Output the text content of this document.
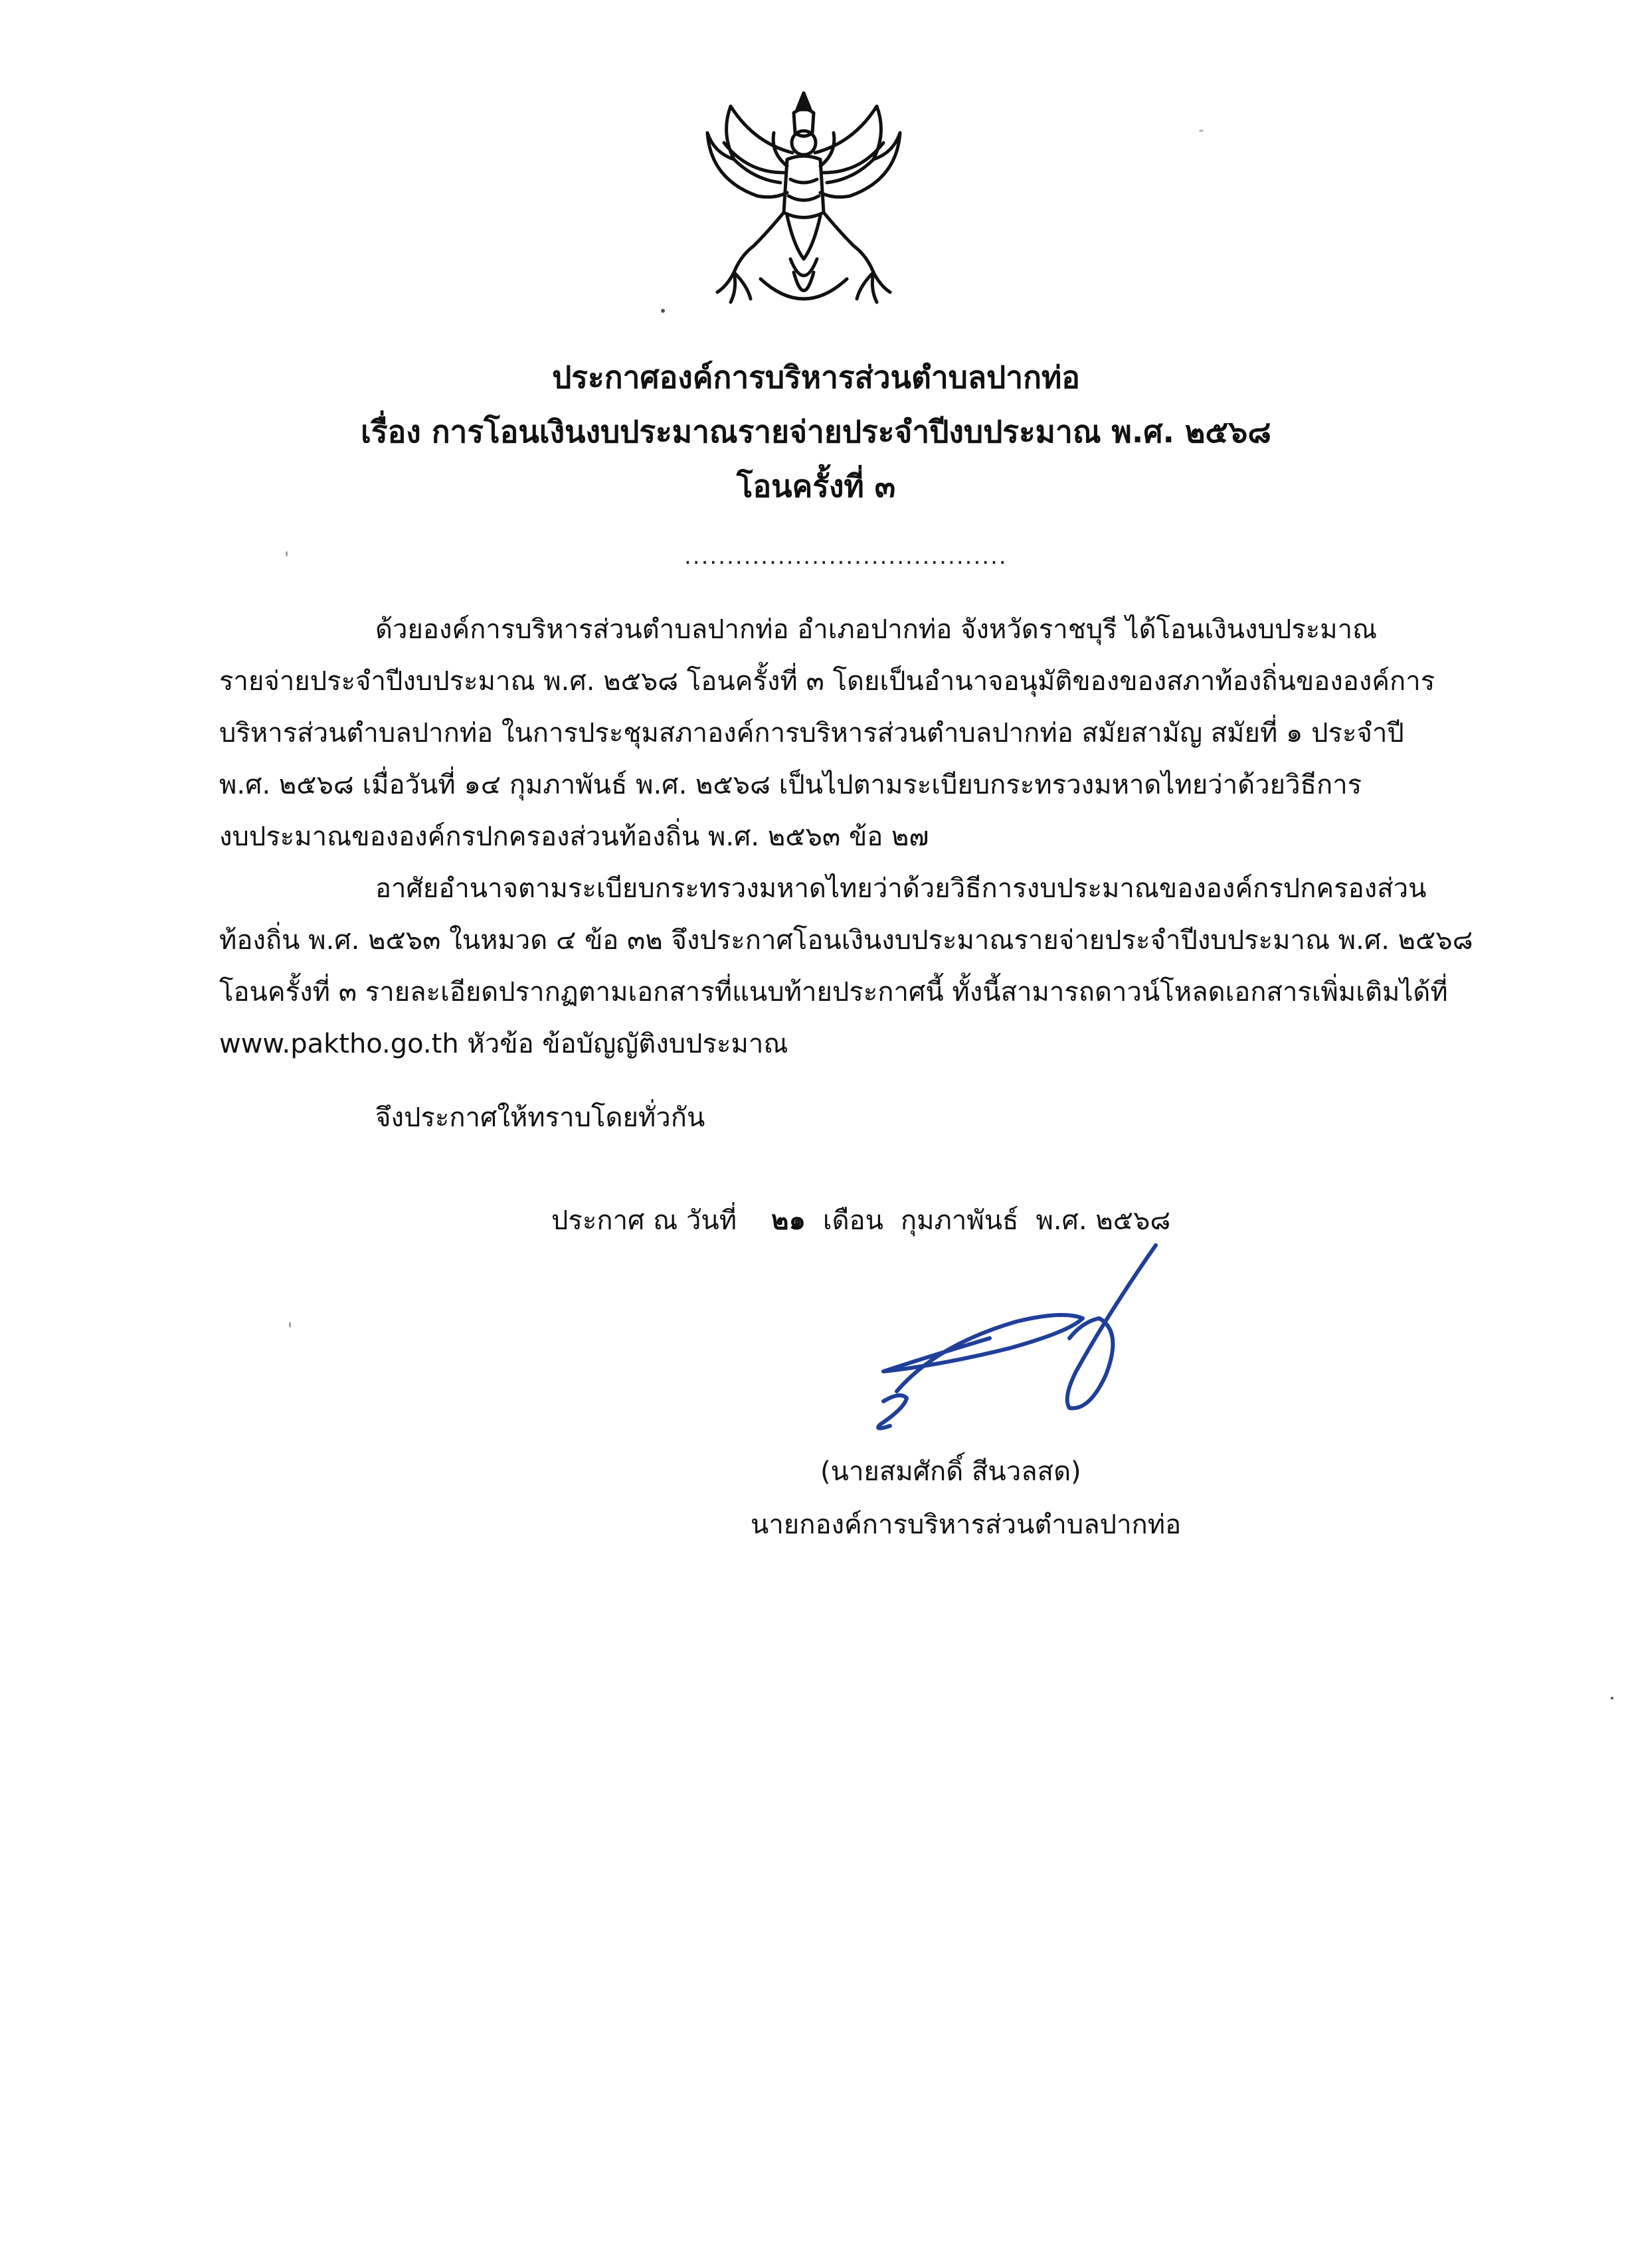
ประกาศองค์การบริหารส่วนตำบลปากท่อ
เรื่อง การโอนเงินงบประมาณรายจ่ายประจำปีงบประมาณ พ.ศ. ๒๕๖๘
โอนครั้งที่ ๓
......................................
ด้วยองค์การบริหารส่วนตำบลปากท่อ อำเภอปากท่อ จังหวัดราชบุรี ได้โอนเงินงบประมาณ
รายจ่ายประจำปีงบประมาณ พ.ศ. ๒๕๖๘ โอนครั้งที่ ๓ โดยเป็นอำนาจอนุมัติของของสภาท้องถิ่นขององค์การ
บริหารส่วนตำบลปากท่อ ในการประชุมสภาองค์การบริหารส่วนตำบลปากท่อ สมัยสามัญ สมัยที่ ๑ ประจำปี
พ.ศ. ๒๕๖๘ เมื่อวันที่ ๑๔ กุมภาพันธ์ พ.ศ. ๒๕๖๘ เป็นไปตามระเบียบกระทรวงมหาดไทยว่าด้วยวิธีการ
งบประมาณขององค์กรปกครองส่วนท้องถิ่น พ.ศ. ๒๕๖๓ ข้อ ๒๗
อาศัยอำนาจตามระเบียบกระทรวงมหาดไทยว่าด้วยวิธีการงบประมาณขององค์กรปกครองส่วน
ท้องถิ่น พ.ศ. ๒๕๖๓ ในหมวด ๔ ข้อ ๓๒ จึงประกาศโอนเงินงบประมาณรายจ่ายประจำปีงบประมาณ พ.ศ. ๒๕๖๘
โอนครั้งที่ ๓ รายละเอียดปรากฏตามเอกสารที่แนบท้ายประกาศนี้ ทั้งนี้สามารถดาวน์โหลดเอกสารเพิ่มเติมได้ที่
www.paktho.go.th หัวข้อ ข้อบัญญัติงบประมาณ
จึงประกาศให้ทราบโดยทั่วกัน
ประกาศ ณ วันที่ ๒๑ เดือน กุมภาพันธ์ พ.ศ. ๒๕๖๘
(นายสมศักดิ์ สีนวลสด)
นายกองค์การบริหารส่วนตำบลปากท่อ
